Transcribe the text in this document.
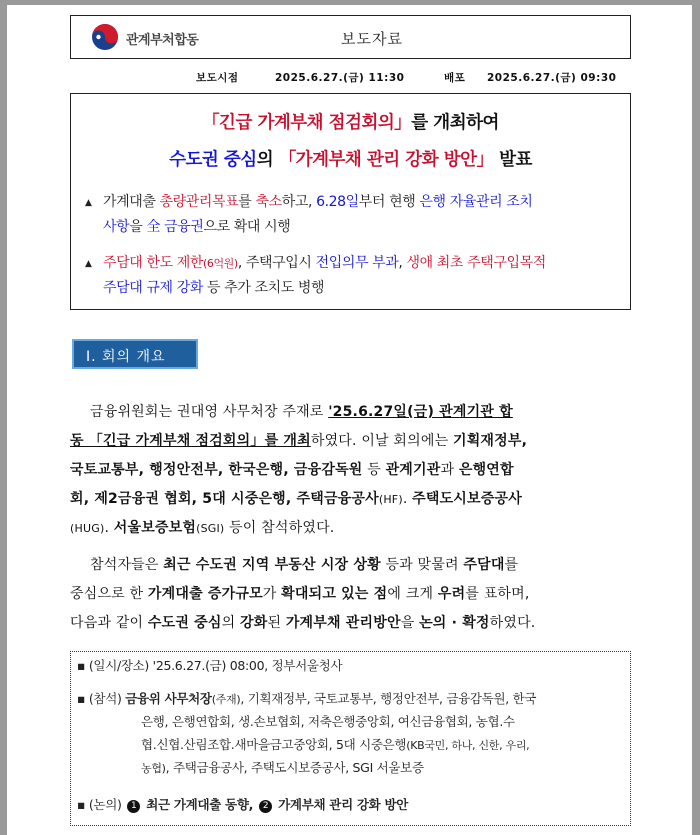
관계부처합동	보도자료
보도시점	2025.6.27.(금) 11:30	배포 2025.6.27.(금) 09:30
「긴급 가계부채 점검회의」를 개최하여
수도권 중심의 「가계부채 관리 강화 방안」 발표
▲ 가계대출 총량관리목표를 축소하고, 6.28일부터 현행 은행 자율관리 조치
사항을 全 금융권으로 확대 시행
▲ 주담대 한도 제한(6억원), 주택구입시 전입의무 부과, 생애 최초 주택구입목적
주담대 규제 강화 등 추가 조치도 병행
I. 회의 개요
금융위원회는 권대영 사무처장 주재로 '25.6.27일(금) 관계기관 합
동 「긴급 가계부채 점검회의」를 개최하였다. 이날 회의에는 기획재정부,
국토교통부, 행정안전부, 한국은행, 금융감독원 등 관계기관과 은행연합
회, 제2금융권 협회, 5대 시중은행, 주택금융공사(HF). 주택도시보증공사
(HUG). 서울보증보험(SGI) 등이 참석하였다.
참석자들은 최근 수도권 지역 부동산 시장 상황 등과 맞물려 주담대를
중심으로 한 가계대출 증가규모가 확대되고 있는 점에 크게 우려를 표하며,
다음과 같이 수도권 중심의 강화된 가계부채 관리방안을 논의 · 확정하였다.
▪ (일시/장소) '25.6.27.(금) 08:00, 정부서울청사
▪ (참석) 금융위 사무처장(주재), 기획재정부, 국토교통부, 행정안전부, 금융감독원, 한국
은행, 은행연합회, 생.손보협회, 저축은행중앙회, 여신금융협회, 농협.수
협.신협.산림조합.새마을금고중앙회, 5대 시중은행(KB국민, 하나, 신한, 우리,
농협), 주택금융공사, 주택도시보증공사, SGI 서울보증
▪ (논의) 1 최근 가계대출 동향, 2 가계부채 관리 강화 방안
